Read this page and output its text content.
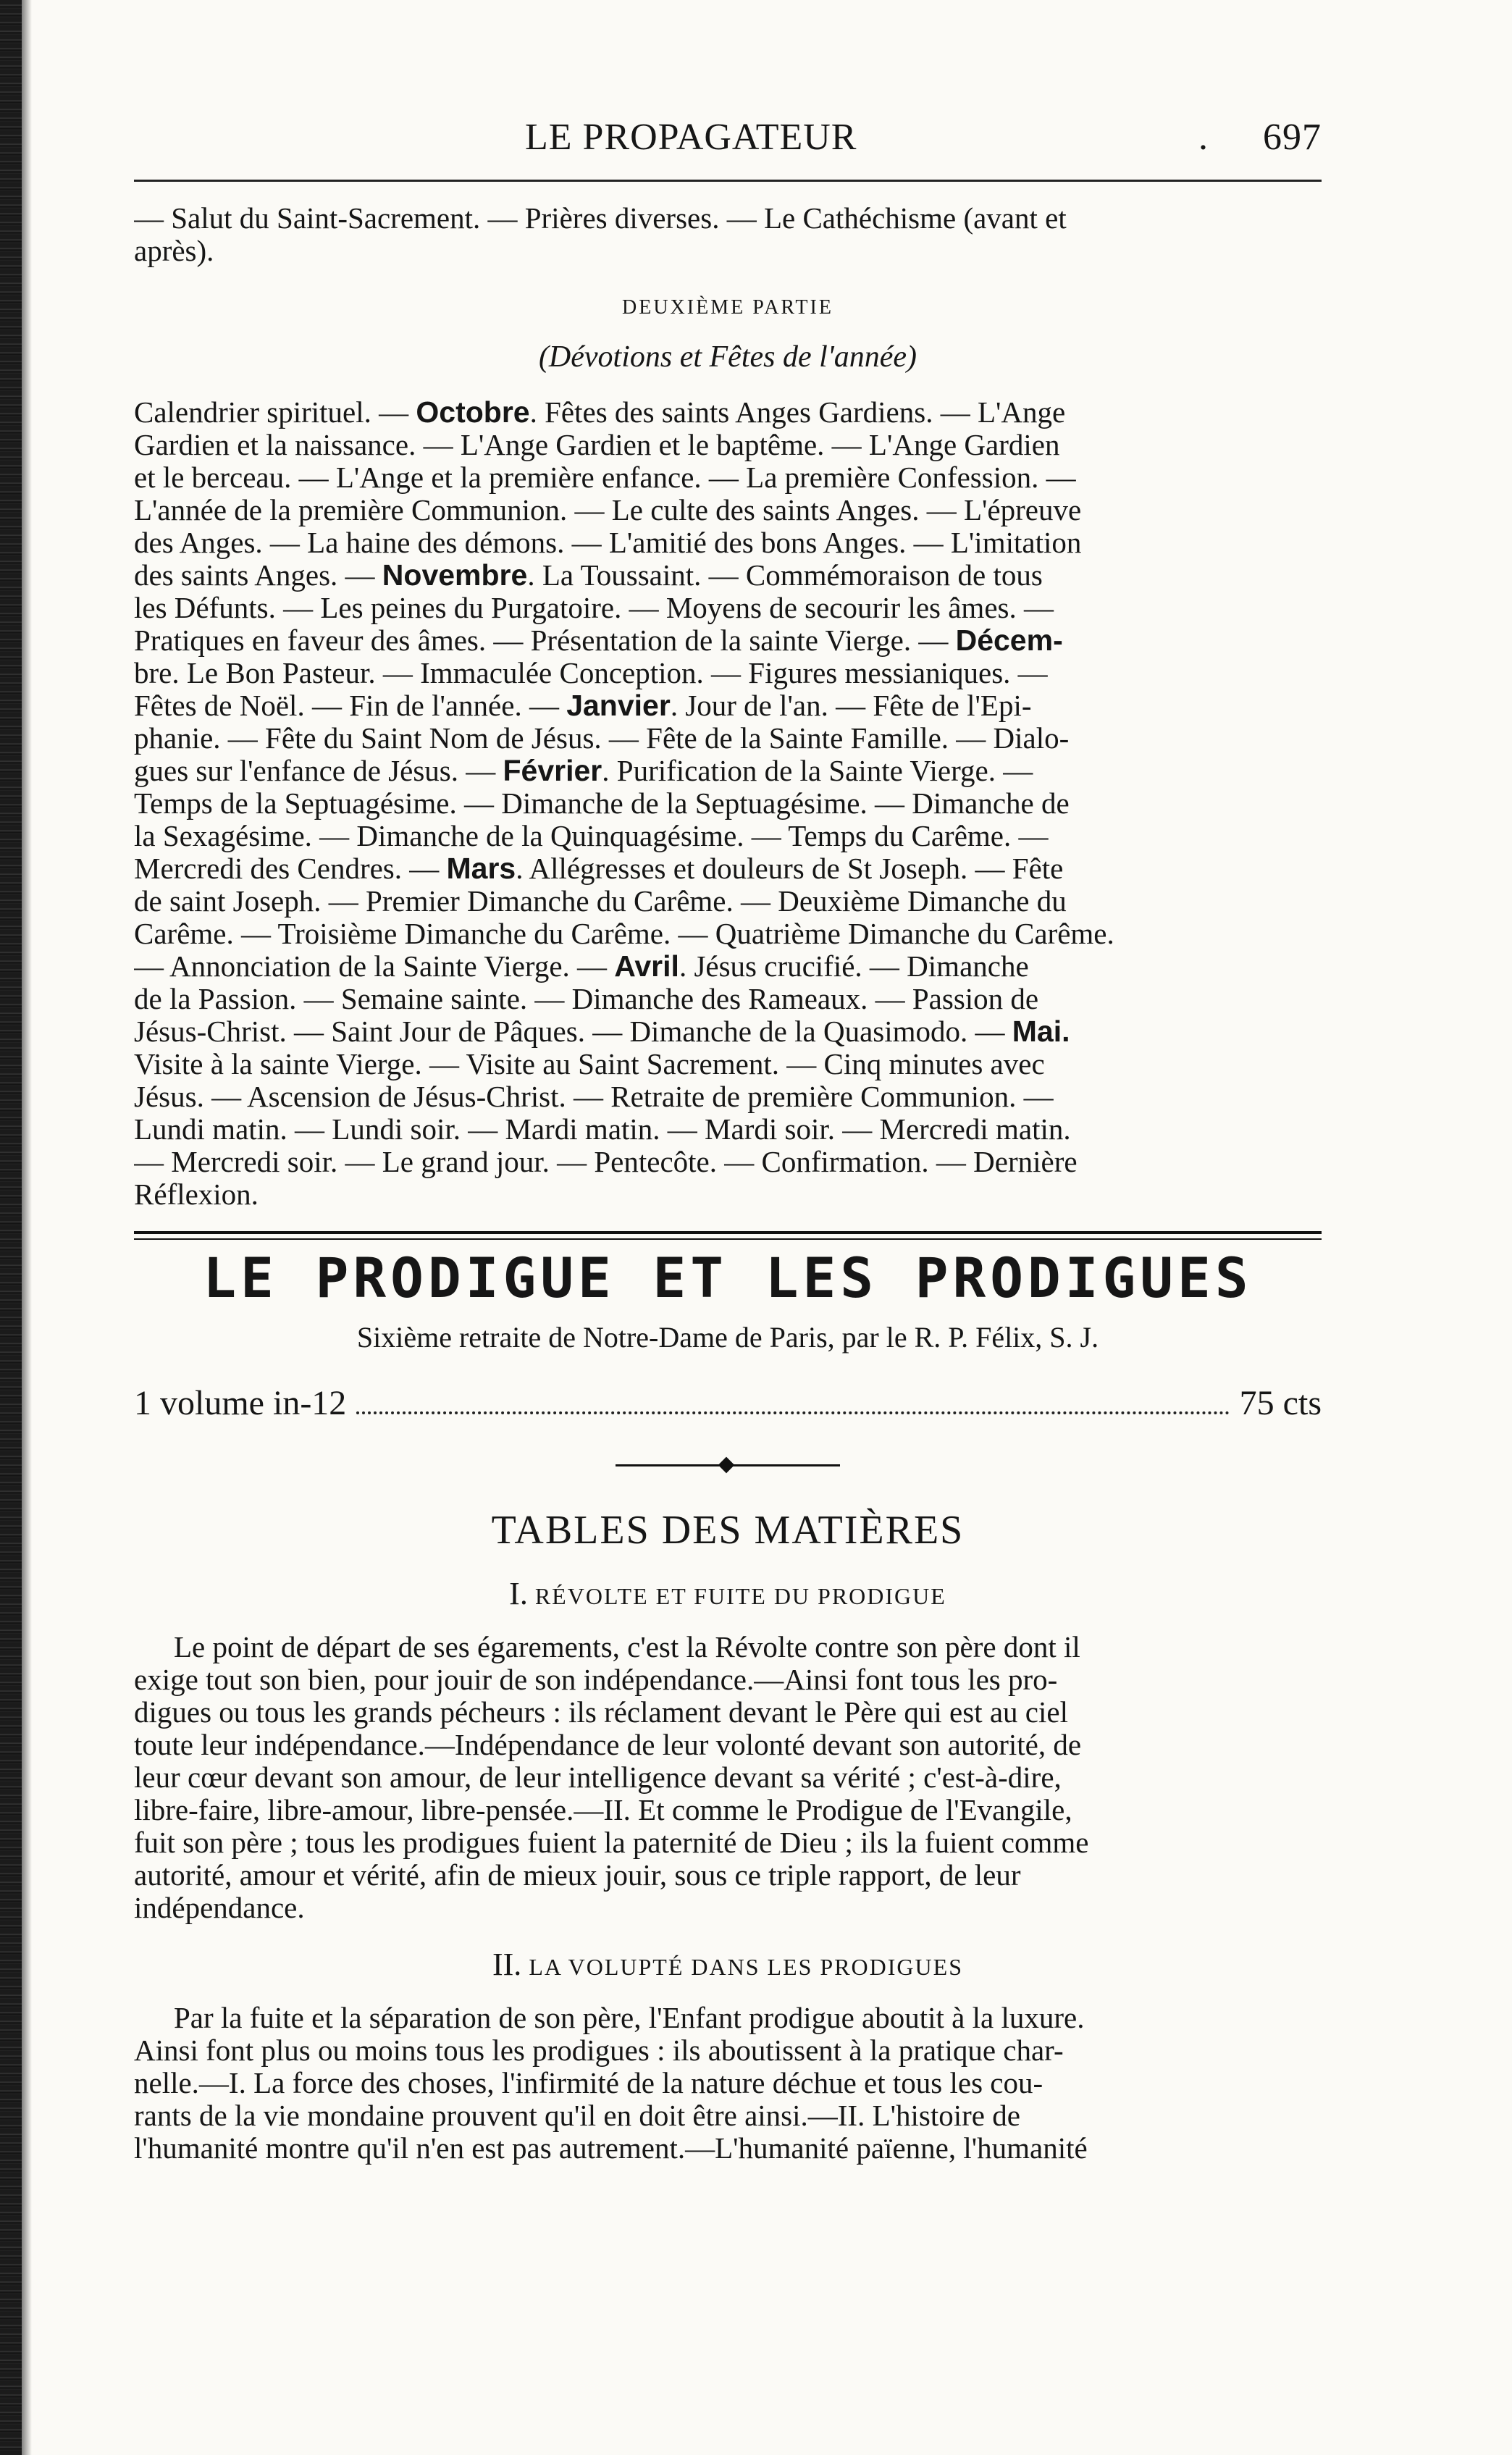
LE PROPAGATEUR	. 697
— Salut du Saint-Sacrement. — Prières diverses. — Le Cathéchisme (avant et
après).
DEUXIÈME PARTIE
(Dévotions et Fêtes de l'année)
Calendrier spirituel. — Octobre. Fêtes des saints Anges Gardiens. — L'Ange
Gardien et la naissance. — L'Ange Gardien et le baptême. — L'Ange Gardien
et le berceau. — L'Ange et la première enfance. — La première Confession. —
L'année de la première Communion. — Le culte des saints Anges. — L'épreuve
des Anges. — La haine des démons. — L'amitié des bons Anges. — L'imitation
des saints Anges. — Novembre. La Toussaint. — Commémoraison de tous
les Défunts. — Les peines du Purgatoire. — Moyens de secourir les âmes. —
Pratiques en faveur des âmes. — Présentation de la sainte Vierge. — Décem-
bre. Le Bon Pasteur. — Immaculée Conception. — Figures messianiques. —
Fêtes de Noël. — Fin de l'année. — Janvier. Jour de l'an. — Fête de l'Epi-
phanie. — Fête du Saint Nom de Jésus. — Fête de la Sainte Famille. — Dialo-
gues sur l'enfance de Jésus. — Février. Purification de la Sainte Vierge. —
Temps de la Septuagésime. — Dimanche de la Septuagésime. — Dimanche de
la Sexagésime. — Dimanche de la Quinquagésime. — Temps du Carême. —
Mercredi des Cendres. — Mars. Allégresses et douleurs de St Joseph. — Fête
de saint Joseph. — Premier Dimanche du Carême. — Deuxième Dimanche du
Carême. — Troisième Dimanche du Carême. — Quatrième Dimanche du Carême.
— Annonciation de la Sainte Vierge. — Avril. Jésus crucifié. — Dimanche
de la Passion. — Semaine sainte. — Dimanche des Rameaux. — Passion de
Jésus-Christ. — Saint Jour de Pâques. — Dimanche de la Quasimodo. — Mai.
Visite à la sainte Vierge. — Visite au Saint Sacrement. — Cinq minutes avec
Jésus. — Ascension de Jésus-Christ. — Retraite de première Communion. —
Lundi matin. — Lundi soir. — Mardi matin. — Mardi soir. — Mercredi matin.
— Mercredi soir. — Le grand jour. — Pentecôte. — Confirmation. — Dernière
Réflexion.
LE PRODIGUE ET LES PRODIGUES
Sixième retraite de Notre-Dame de Paris, par le R. P. Félix, S. J.
1 volume in-12	75 cts
TABLES DES MATIÈRES
I. RÉVOLTE ET FUITE DU PRODIGUE
Le point de départ de ses égarements, c'est la Révolte contre son père dont il
exige tout son bien, pour jouir de son indépendance.—Ainsi font tous les pro-
digues ou tous les grands pécheurs : ils réclament devant le Père qui est au ciel
toute leur indépendance.—Indépendance de leur volonté devant son autorité, de
leur cœur devant son amour, de leur intelligence devant sa vérité ; c'est-à-dire,
libre-faire, libre-amour, libre-pensée.—II. Et comme le Prodigue de l'Evangile,
fuit son père ; tous les prodigues fuient la paternité de Dieu ; ils la fuient comme
autorité, amour et vérité, afin de mieux jouir, sous ce triple rapport, de leur
indépendance.
II. LA VOLUPTÉ DANS LES PRODIGUES
Par la fuite et la séparation de son père, l'Enfant prodigue aboutit à la luxure.
Ainsi font plus ou moins tous les prodigues : ils aboutissent à la pratique char-
nelle.—I. La force des choses, l'infirmité de la nature déchue et tous les cou-
rants de la vie mondaine prouvent qu'il en doit être ainsi.—II. L'histoire de
l'humanité montre qu'il n'en est pas autrement.—L'humanité païenne, l'humanité
